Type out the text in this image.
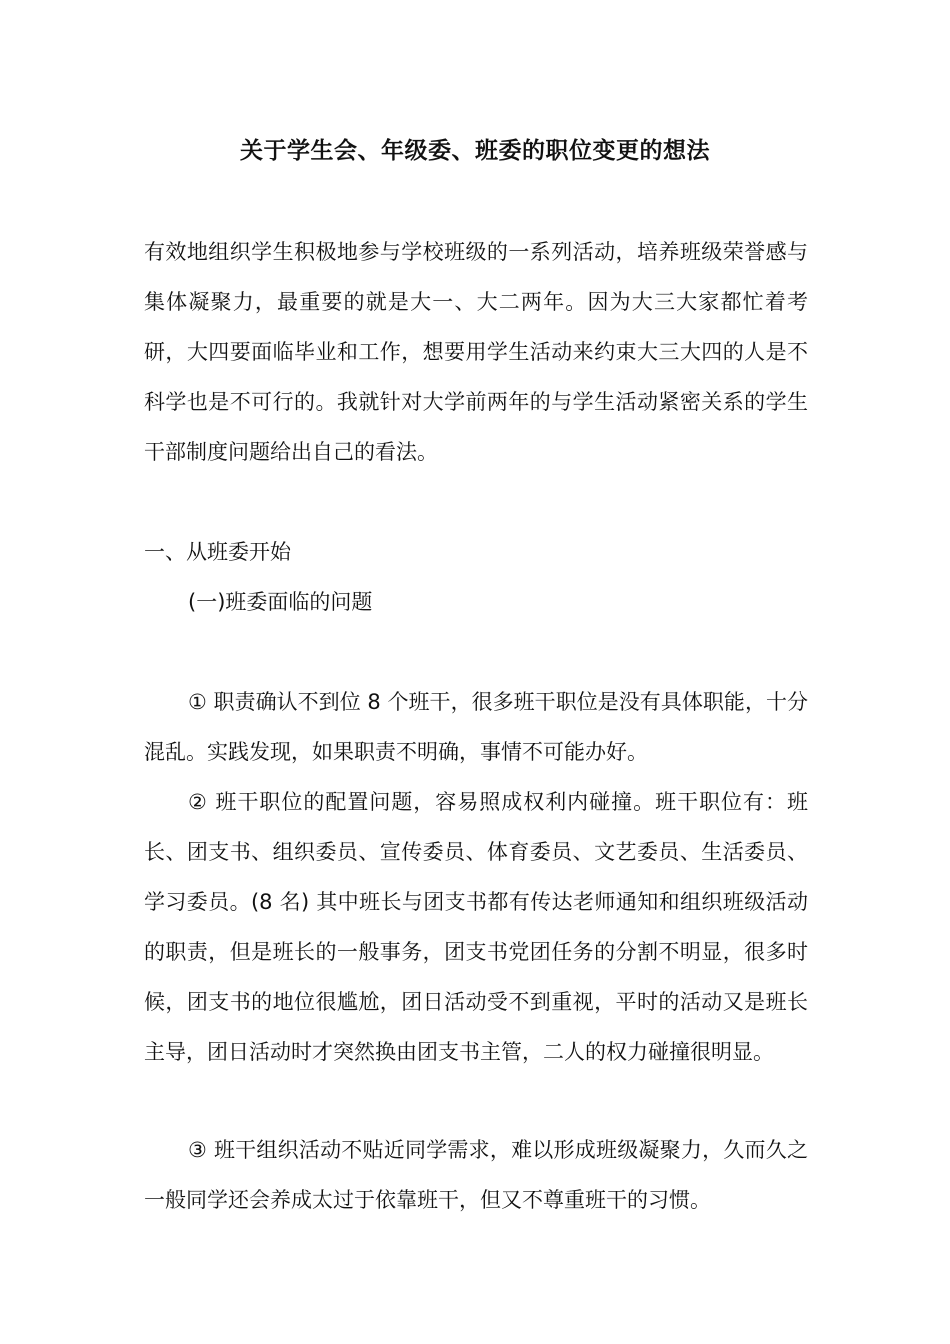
关于学生会、年级委、班委的职位变更的想法

有效地组织学生积极地参与学校班级的一系列活动，培养班级荣誉感与集体凝聚力，最重要的就是大一、大二两年。因为大三大家都忙着考研，大四要面临毕业和工作，想要用学生活动来约束大三大四的人是不科学也是不可行的。我就针对大学前两年的与学生活动紧密关系的学生干部制度问题给出自己的看法。

一、从班委开始

(一)班委面临的问题

① 职责确认不到位 8 个班干，很多班干职位是没有具体职能，十分混乱。实践发现，如果职责不明确，事情不可能办好。

② 班干职位的配置问题，容易照成权利内碰撞。班干职位有：班长、团支书、组织委员、宣传委员、体育委员、文艺委员、生活委员、学习委员。(8 名) 其中班长与团支书都有传达老师通知和组织班级活动的职责，但是班长的一般事务，团支书党团任务的分割不明显，很多时候，团支书的地位很尴尬，团日活动受不到重视，平时的活动又是班长主导，团日活动时才突然换由团支书主管，二人的权力碰撞很明显。

③ 班干组织活动不贴近同学需求，难以形成班级凝聚力，久而久之一般同学还会养成太过于依靠班干，但又不尊重班干的习惯。
